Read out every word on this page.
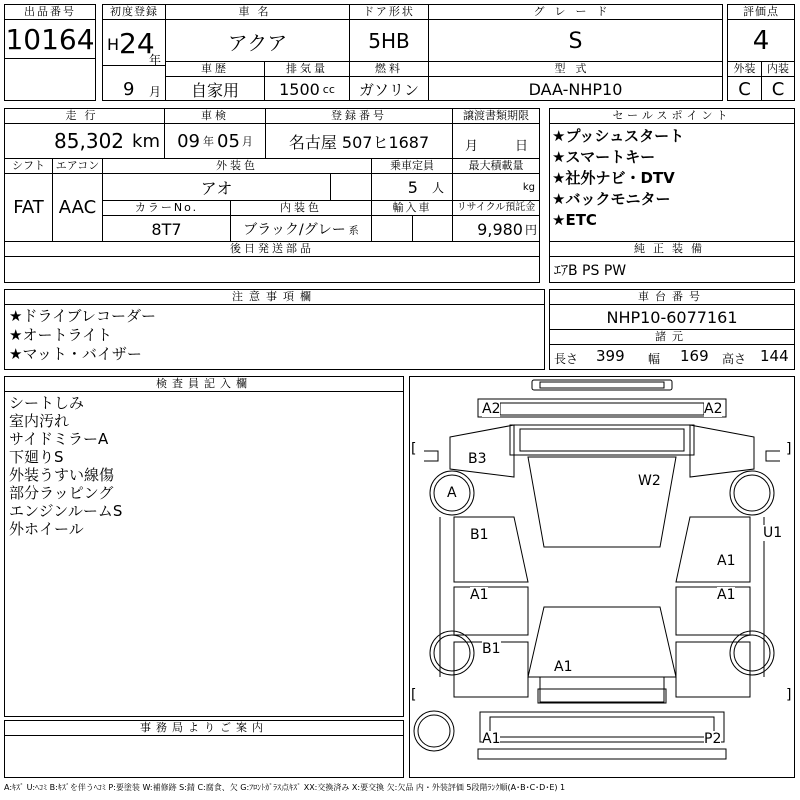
出品番号
10164
初度登録
H 24
年
9 月
車名
アクア
ドア形状
5HB
グレード
S
評価点
4
車歴
自家用
排気量
1500 cc
燃料
ガソリン
型式
DAA-NHP10
外装
C
内装
C
走行
85,302 km
車検
09 年 05 月
登録番号
名古屋 507ヒ1687
譲渡書類期限
月	日
シフト
FAT
エアコン
AAC
外装色
アオ
乗車定員
5 人
最大積載量
kg
カラーNo.
8T7
内装色
ブラック/グレー 系
輸入車	リサイクル預託金
9,980 円
後日発送部品
セールスポイント
★プッシュスタート
★スマートキー
★社外ナビ・DTV
★バックモニター
★ETC
純正装備
ｴｱB PS PW
注意事項欄
★ドライブレコーダー
★オートライト
★マット・バイザー
車台番号
NHP10-6077161
諸元
長さ 399 幅 169 高さ 144
検査員記入欄
シートしみ
室内汚れ
サイドミラーA
下廻りS
外装うすい線傷
部分ラッピング
エンジンルームS
外ホイール
事務局よりご案内
A2	A2
[	]
B3
A
W2
B1	U1
A1
A1	A1
B1
A1
[	]
A1	P2
A:ｷｽﾞ U:ﾍｺﾐ B:ｷｽﾞを伴うﾍｺﾐ P:要塗装 W:補修跡 S:錆 C:腐食、欠 G:ﾌﾛﾝﾄｶﾞﾗｽ点ｷｽﾞ XX:交換済み X:要交換 欠:欠品 内・外装評価 5段階ﾗﾝｸ順(A･B･C･D･E) 1
